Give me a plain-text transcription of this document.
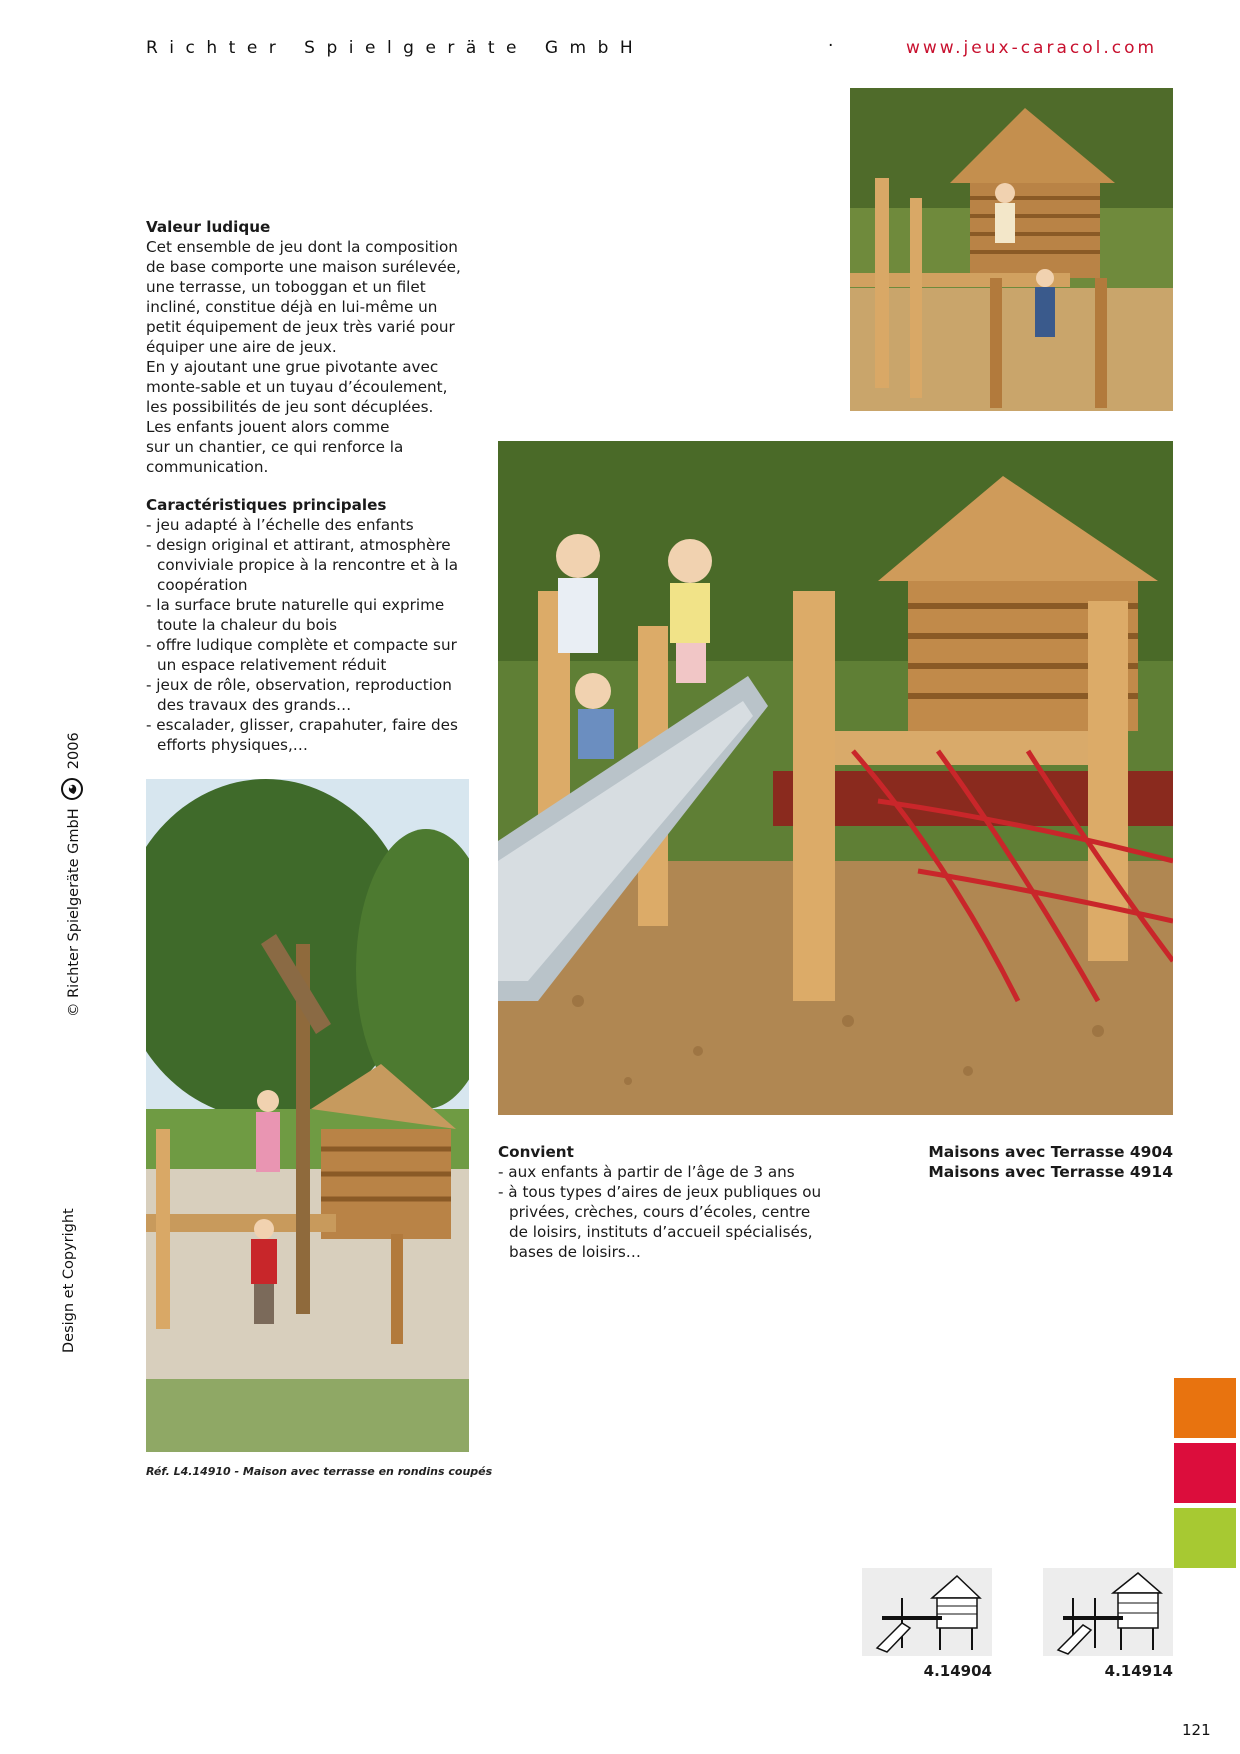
Richter Spielgeräte GmbH	·	www.jeux-caracol.com
© Richter Spielgeräte GmbH  2006
Design et Copyright
Valeur ludique
Cet ensemble de jeu dont la composition
de base comporte une maison surélevée,
une terrasse, un toboggan et un filet
incliné, constitue déjà en lui-même un
petit équipement de jeux très varié pour
équiper une aire de jeux.
En y ajoutant une grue pivotante avec
monte-sable et un tuyau d’écoulement,
les possibilités de jeu sont décuplées.
Les enfants jouent alors comme
sur un chantier, ce qui renforce la
communication.
Caractéristiques principales
- jeu adapté à l’échelle des enfants
- design original et attirant, atmosphère
conviviale propice à la rencontre et à la
coopération
- la surface brute naturelle qui exprime
toute la chaleur du bois
- offre ludique complète et compacte sur
un espace relativement réduit
- jeux de rôle, observation, reproduction
des travaux des grands…
- escalader, glisser, crapahuter, faire des
efforts physiques,…
Réf. L4.14910 - Maison avec terrasse en rondins coupés
Convient
- aux enfants à partir de l’âge de 3 ans
- à tous types d’aires de jeux publiques ou
privées, crèches, cours d’écoles, centre
de loisirs, instituts d’accueil spécialisés,
bases de loisirs…
Maisons avec Terrasse 4904
Maisons avec Terrasse 4914
4.14904	4.14914
121
